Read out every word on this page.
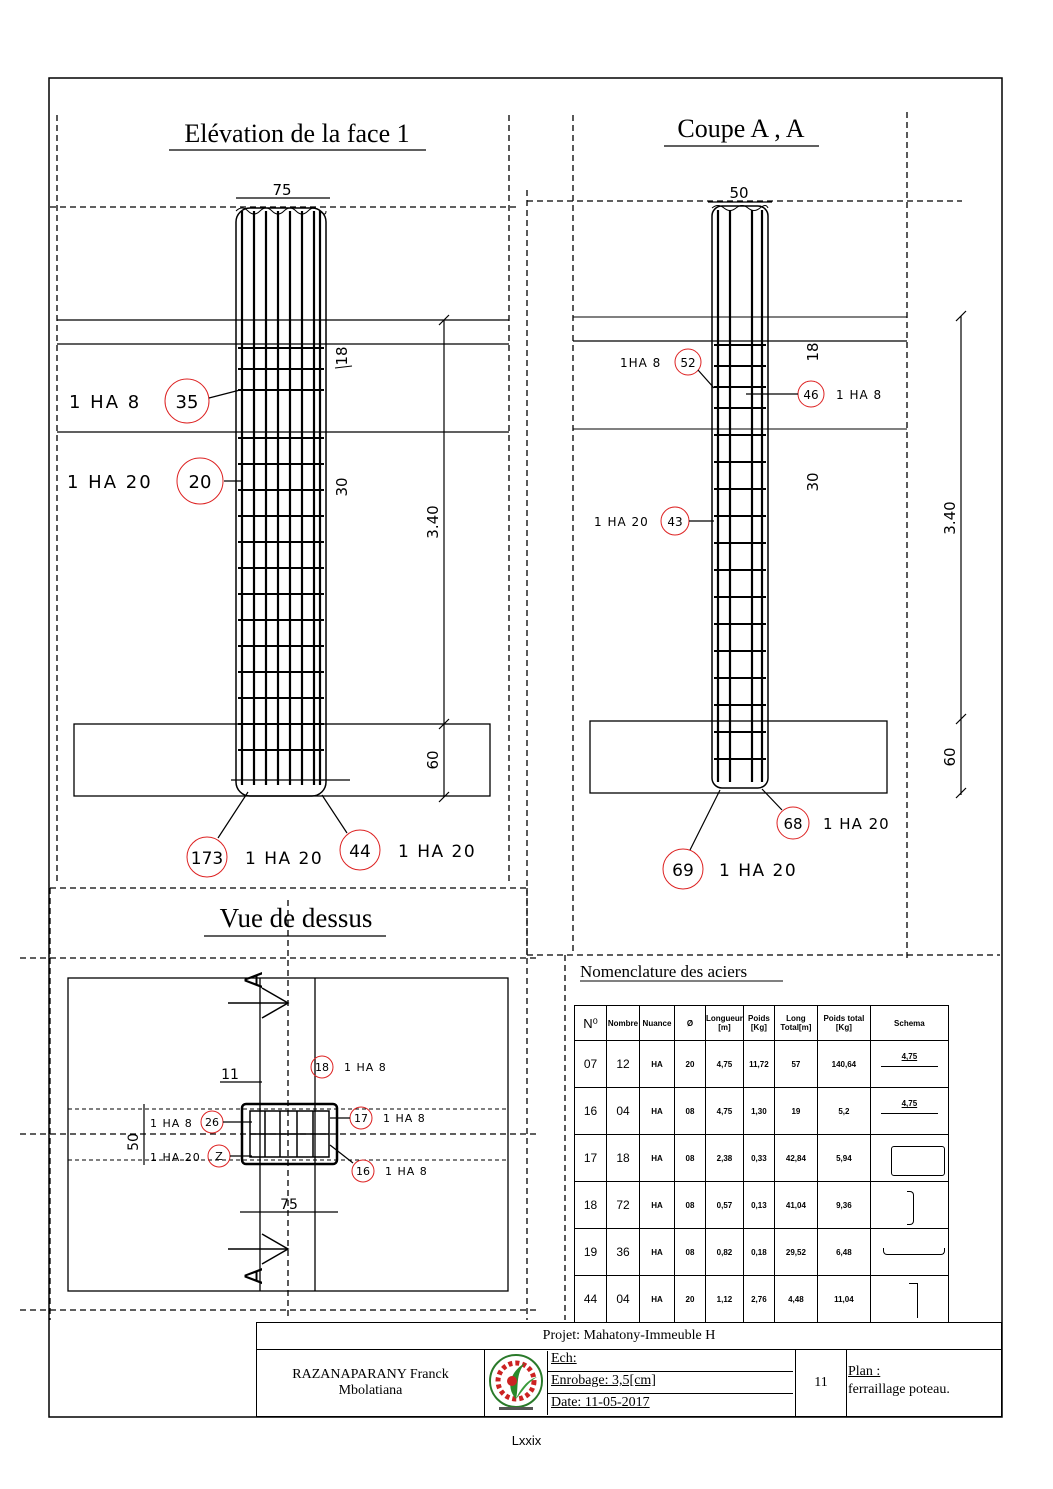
Elévation de la face 1
75
3.40
60
18
30
1 HA 8 35
1 HA 20 20
173 1 HA 20 44 1 HA 20
Coupe A , A
50
3.40
60
18
30
1HA 8 52
46 1 HA 8
1 HA 20 43
68 1 HA 20
69 1 HA 20
Vue de dessus
A
A
11
50
75
18 1 HA 8
1 HA 8 26	17 1 HA 8
1 HA 20 Z
16 1 HA 8
Nomenclature des aciers
N⁰	Nombre	Nuance	Ø	Longueur [m]	Poids [Kg]	Long Total[m]	Poids total [Kg]	Schema
07	12	HA	20	4,75	11,72	57	140,64	4,75

16	04	HA	08	4,75	1,30	19	5,2	4,75

17	18	HA	08	2,38	0,33	42,84	5,94	

18	72	HA	08	0,57	0,13	41,04	9,36	

19	36	HA	08	0,82	0,18	29,52	6,48	

44	04	HA	20	1,12	2,76	4,48	11,04	
Projet: Mahatony-Immeuble H
RAZANAPARANY Franck
Mbolatiana
Ech:
Enrobage: 3,5[cm]
Date: 11-05-2017
11
Plan :
ferraillage poteau.
Lxxix
